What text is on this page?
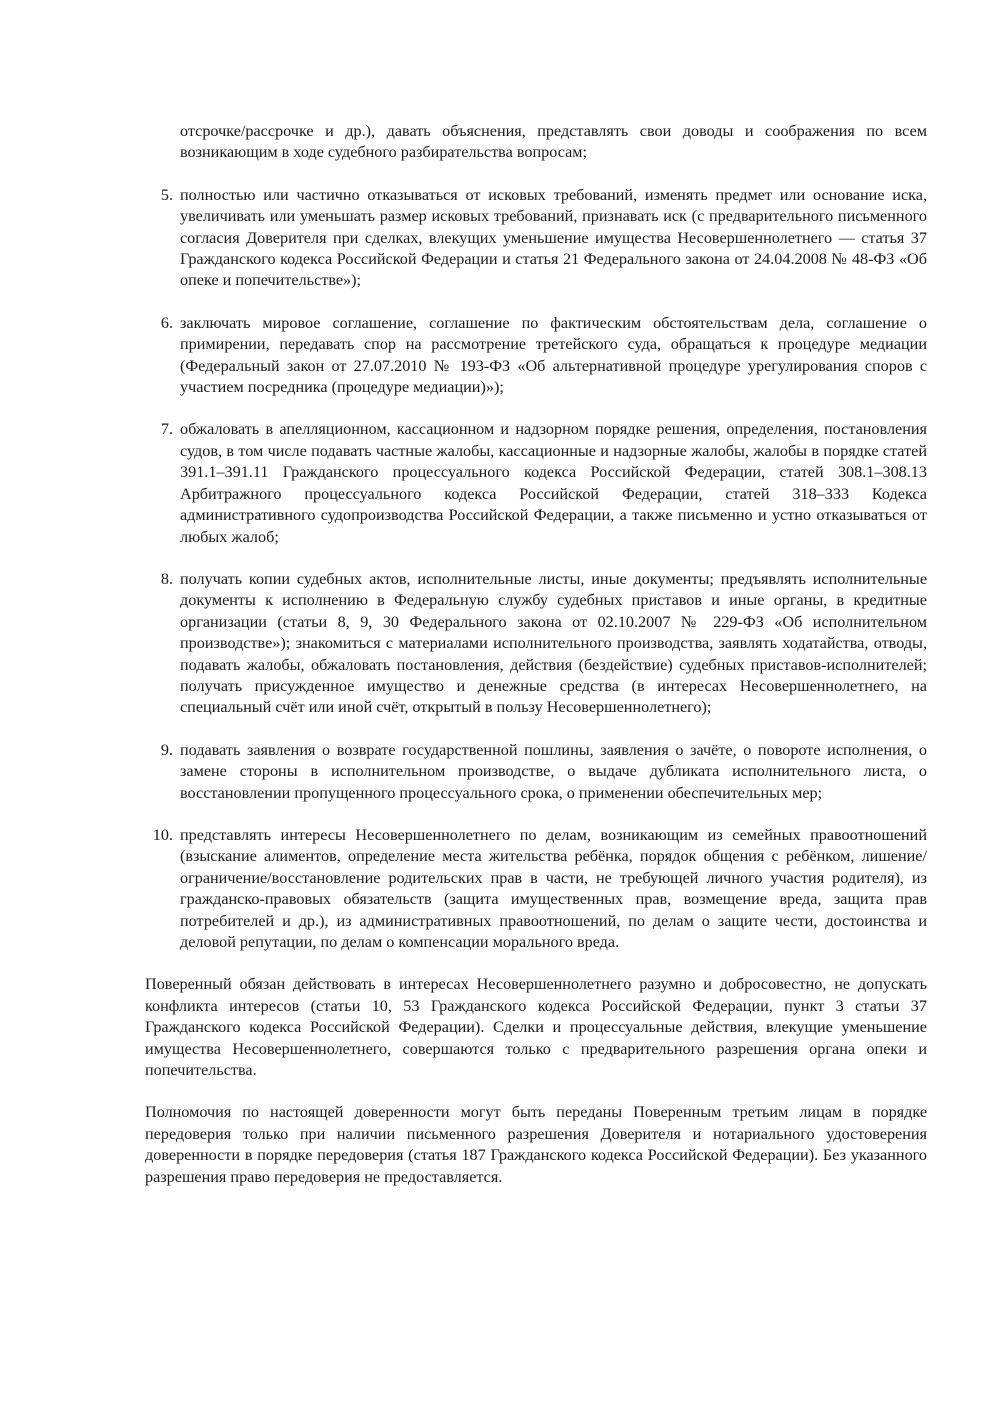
отсрочке/рассрочке и др.), давать объяснения, представлять свои доводы и соображения по всем возникающим в ходе судебного разбирательства вопросам;

5. полностью или частично отказываться от исковых требований, изменять предмет или основание иска, увеличивать или уменьшать размер исковых требований, признавать иск (с предварительного письменного согласия Доверителя при сделках, влекущих уменьшение имущества Несовершеннолетнего — статья 37 Гражданского кодекса Российской Федерации и статья 21 Федерального закона от 24.04.2008 № 48-ФЗ «Об опеке и попечительстве»);
6. заключать мировое соглашение, соглашение по фактическим обстоятельствам дела, соглашение о примирении, передавать спор на рассмотрение третейского суда, обращаться к процедуре медиации (Федеральный закон от 27.07.2010 № 193-ФЗ «Об альтернативной процедуре урегулирования споров с участием посредника (процедуре медиации)»);
7. обжаловать в апелляционном, кассационном и надзорном порядке решения, определения, постановления судов, в том числе подавать частные жалобы, кассационные и надзорные жалобы, жалобы в порядке статей 391.1–391.11 Гражданского процессуального кодекса Российской Федерации, статей 308.1–308.13 Арбитражного процессуального кодекса Российской Федерации, статей 318–333 Кодекса административного судопроизводства Российской Федерации, а также письменно и устно отказываться от любых жалоб;
8. получать копии судебных актов, исполнительные листы, иные документы; предъявлять исполнительные документы к исполнению в Федеральную службу судебных приставов и иные органы, в кредитные организации (статьи 8, 9, 30 Федерального закона от 02.10.2007 № 229-ФЗ «Об исполнительном производстве»); знакомиться с материалами исполнительного производства, заявлять ходатайства, отводы, подавать жалобы, обжаловать постановления, действия (бездействие) судебных приставов-исполнителей; получать присужденное имущество и денежные средства (в интересах Несовершеннолетнего, на специальный счёт или иной счёт, открытый в пользу Несовершеннолетнего);
9. подавать заявления о возврате государственной пошлины, заявления о зачёте, о повороте исполнения, о замене стороны в исполнительном производстве, о выдаче дубликата исполнительного листа, о восстановлении пропущенного процессуального срока, о применении обеспечительных мер;
10. представлять интересы Несовершеннолетнего по делам, возникающим из семейных правоотношений (взыскание алиментов, определение места жительства ребёнка, порядок общения с ребёнком, лишение/ограничение/восстановление родительских прав в части, не требующей личного участия родителя), из гражданско-правовых обязательств (защита имущественных прав, возмещение вреда, защита прав потребителей и др.), из административных правоотношений, по делам о защите чести, достоинства и деловой репутации, по делам о компенсации морального вреда.

Поверенный обязан действовать в интересах Несовершеннолетнего разумно и добросовестно, не допускать конфликта интересов (статьи 10, 53 Гражданского кодекса Российской Федерации, пункт 3 статьи 37 Гражданского кодекса Российской Федерации). Сделки и процессуальные действия, влекущие уменьшение имущества Несовершеннолетнего, совершаются только с предварительного разрешения органа опеки и попечительства.

Полномочия по настоящей доверенности могут быть переданы Поверенным третьим лицам в порядке передоверия только при наличии письменного разрешения Доверителя и нотариального удостоверения доверенности в порядке передоверия (статья 187 Гражданского кодекса Российской Федерации). Без указанного разрешения право передоверия не предоставляется.
